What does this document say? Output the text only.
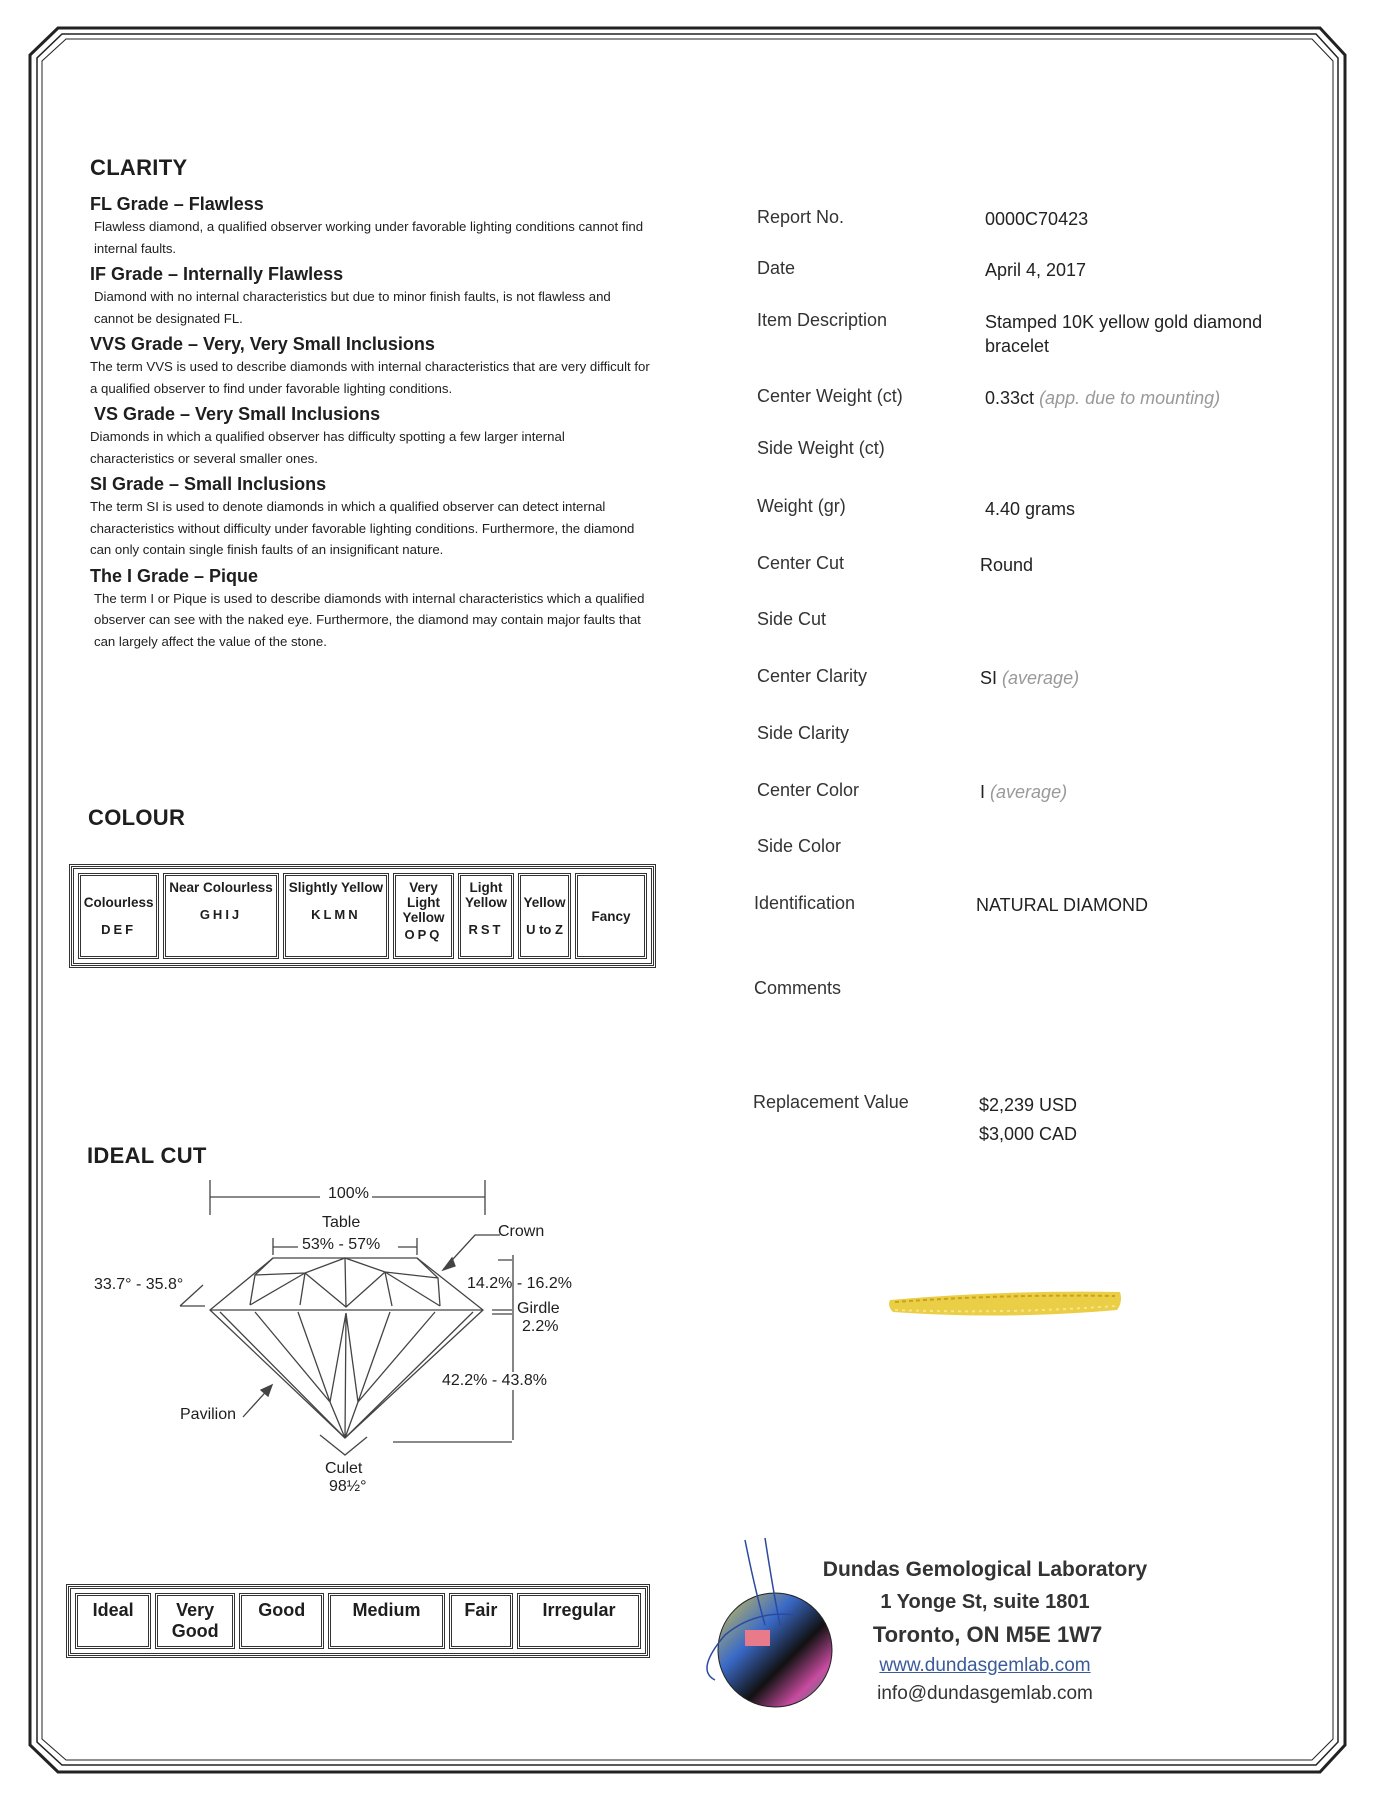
CLARITY

FL Grade – Flawless

Flawless diamond, a qualified observer working under favorable lighting conditions cannot find internal faults.

IF Grade – Internally Flawless

Diamond with no internal characteristics but due to minor finish faults, is not flawless and cannot be designated FL.

VVS Grade – Very, Very Small Inclusions

The term VVS is used to describe diamonds with internal characteristics that are very difficult for a qualified observer to find under favorable lighting conditions.

VS Grade – Very Small Inclusions

Diamonds in which a qualified observer has difficulty spotting a few larger internal characteristics or several smaller ones.

SI Grade – Small Inclusions

The term SI is used to denote diamonds in which a qualified observer can detect internal characteristics without difficulty under favorable lighting conditions. Furthermore, the diamond can only contain single finish faults of an insignificant nature.

The I Grade – Pique

The term I or Pique is used to describe diamonds with internal characteristics which a qualified observer can see with the naked eye. Furthermore, the diamond may contain major faults that can largely affect the value of the stone.

COLOUR
Colourless
DEF
	Near Colourless
GHIJ
	Slightly Yellow
KLMN

Very Light Yellow
OPQ

Light Yellow
RST
	Yellow
U to Z
	Fancy
IDEAL CUT
100%
Table
53% - 57%
Crown
33.7° - 35.8°	14.2% - 16.2%
Girdle
2.2%
42.2% - 43.8%
Pavilion
Culet
98½°
Ideal	Very Good	Good	Medium	Fair	Irregular
Report No.	0000C70423
Date	April 4, 2017
Item Description	Stamped 10K yellow gold diamond bracelet
Center Weight (ct)	0.33ct (app. due to mounting)
Side Weight (ct)
Weight (gr)	4.40 grams
Center Cut	Round
Side Cut
Center Clarity	SI (average)
Side Clarity
Center Color	I (average)
Side Color
Identification	NATURAL DIAMOND
Comments
Replacement Value	$2,239 USD
$3,000 CAD
Dundas Gemological Laboratory
1 Yonge St, suite 1801
Toronto, ON M5E 1W7
www.dundasgemlab.com
info@dundasgemlab.com
